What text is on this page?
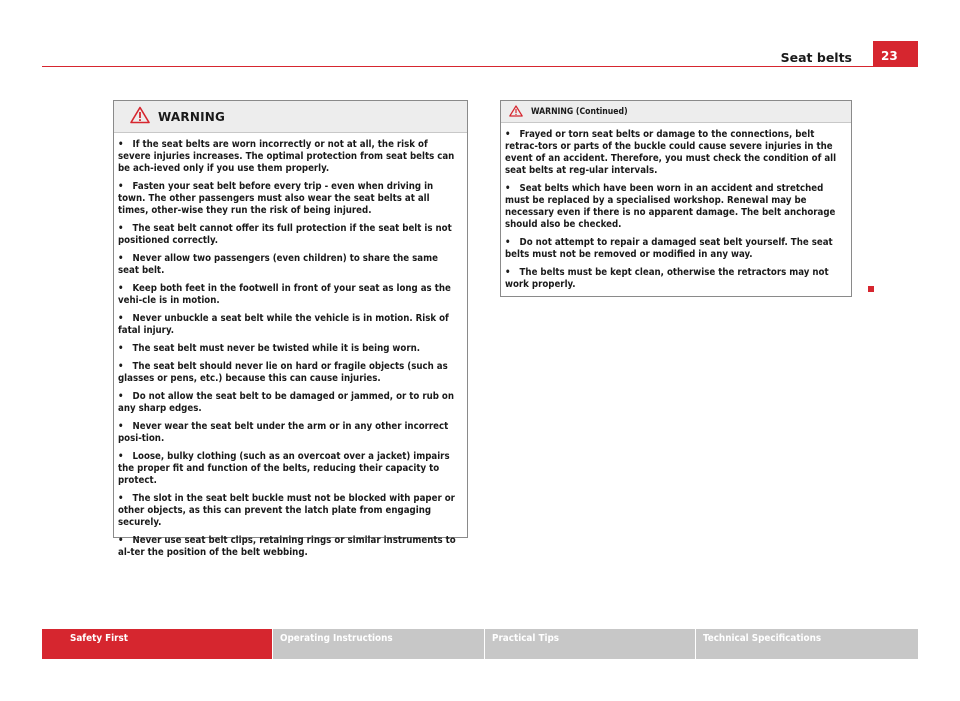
Seat belts	23
WARNING
• If the seat belts are worn incorrectly or not at all, the risk of severe injuries increases. The optimal protection from seat belts can be ach-ieved only if you use them properly.
• Fasten your seat belt before every trip - even when driving in town. The other passengers must also wear the seat belts at all times, other-wise they run the risk of being injured.
• The seat belt cannot offer its full protection if the seat belt is not positioned correctly.
• Never allow two passengers (even children) to share the same seat belt.
• Keep both feet in the footwell in front of your seat as long as the vehi-cle is in motion.
• Never unbuckle a seat belt while the vehicle is in motion. Risk of fatal injury.
• The seat belt must never be twisted while it is being worn.
• The seat belt should never lie on hard or fragile objects (such as glasses or pens, etc.) because this can cause injuries.
• Do not allow the seat belt to be damaged or jammed, or to rub on any sharp edges.
• Never wear the seat belt under the arm or in any other incorrect posi-tion.
• Loose, bulky clothing (such as an overcoat over a jacket) impairs the proper fit and function of the belts, reducing their capacity to protect.
• The slot in the seat belt buckle must not be blocked with paper or other objects, as this can prevent the latch plate from engaging securely.
• Never use seat belt clips, retaining rings or similar instruments to al-ter the position of the belt webbing.
WARNING (Continued)
• Frayed or torn seat belts or damage to the connections, belt retrac-tors or parts of the buckle could cause severe injuries in the event of an accident. Therefore, you must check the condition of all seat belts at reg-ular intervals.
• Seat belts which have been worn in an accident and stretched must be replaced by a specialised workshop. Renewal may be necessary even if there is no apparent damage. The belt anchorage should also be checked.
• Do not attempt to repair a damaged seat belt yourself. The seat belts must not be removed or modified in any way.
• The belts must be kept clean, otherwise the retractors may not work properly.
Safety First	Operating Instructions	Practical Tips	Technical Specifications
